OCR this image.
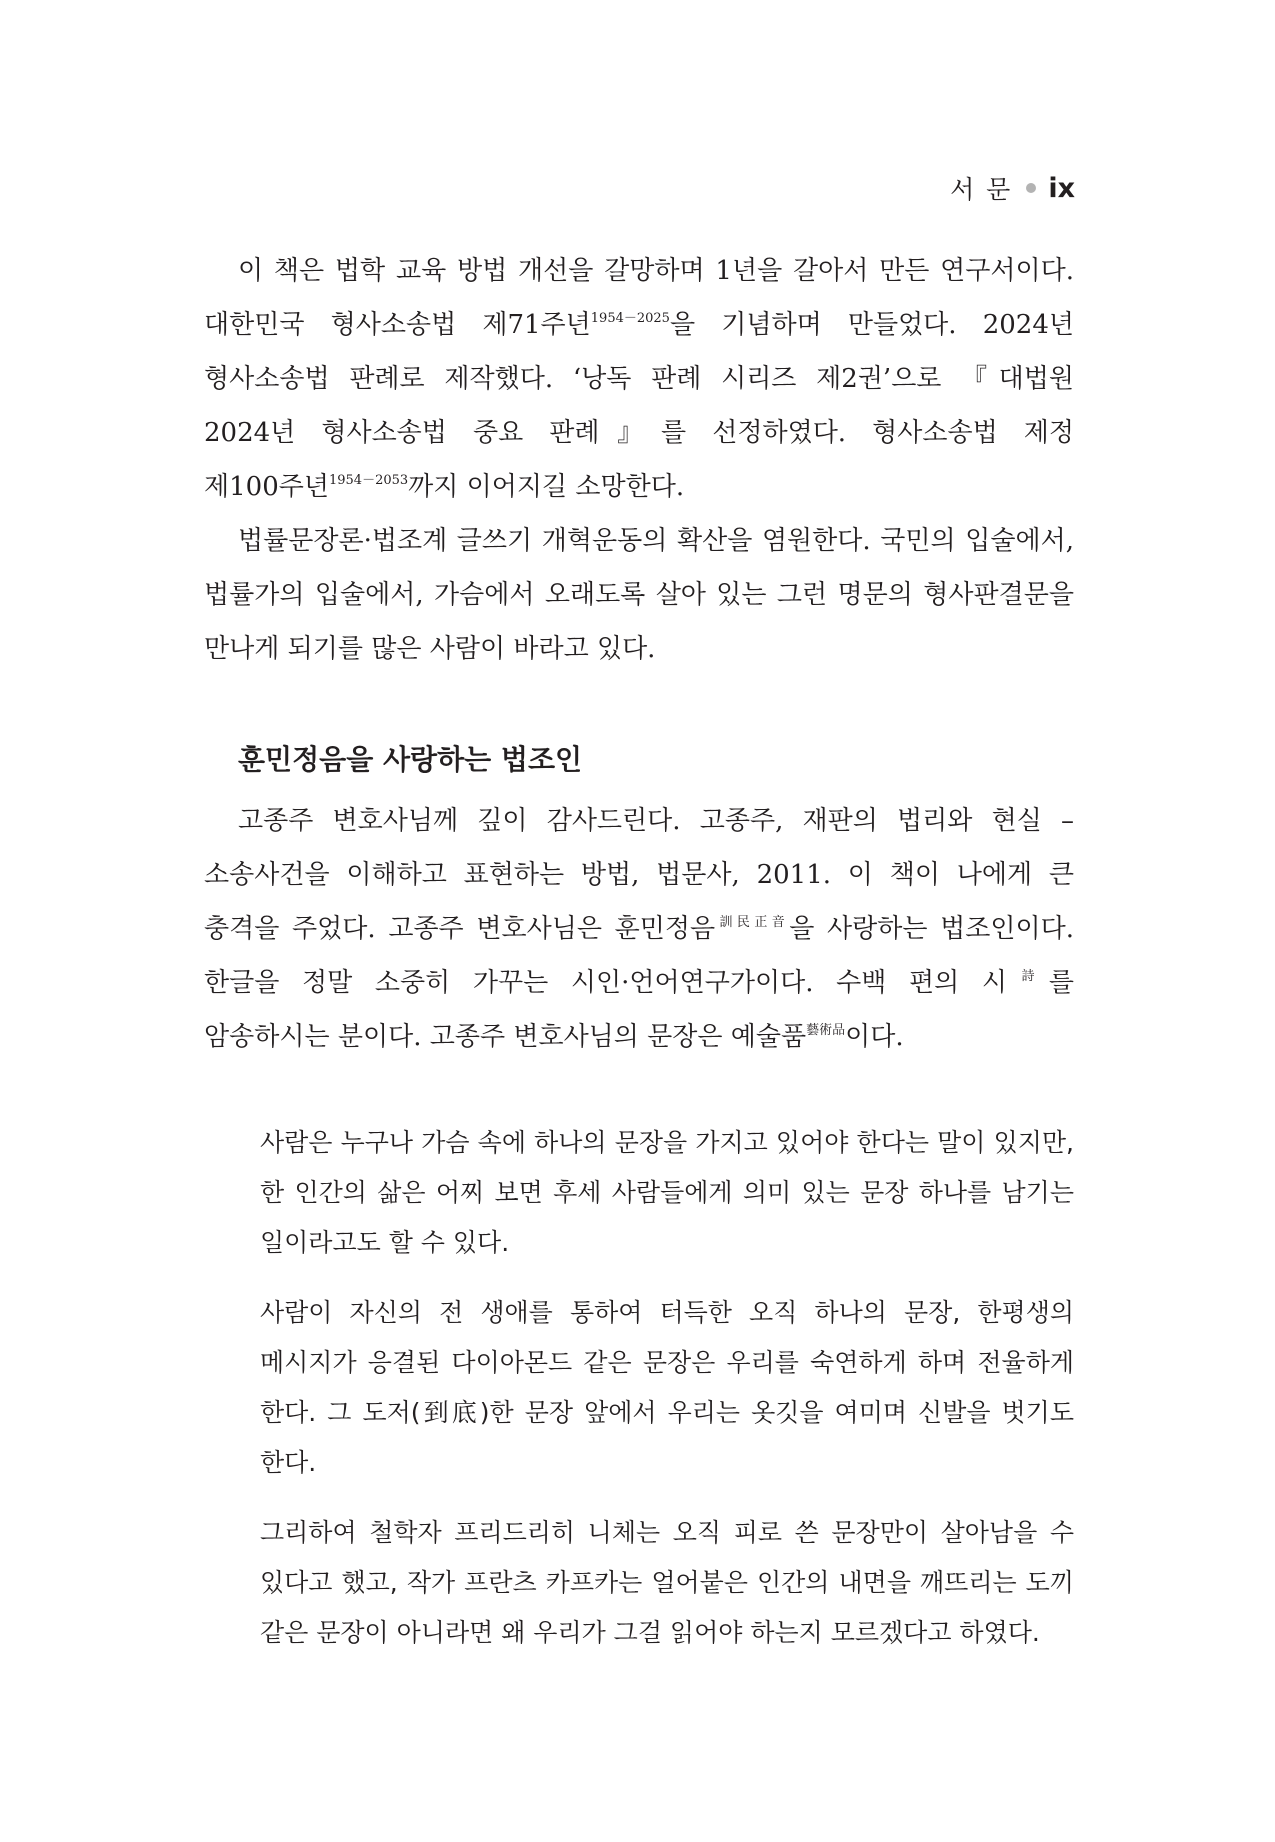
서 문 ix

이 책은 법학 교육 방법 개선을 갈망하며 1년을 갈아서 만든 연구서이다. 대한민국 형사소송법 제71주년$^{1954-2025}$을 기념하며 만들었다. 2024년 형사소송법 판례로 제작했다. ‘낭독 판례 시리즈 제2권’으로 『대법원 2024년 형사소송법 중요 판례』를 선정하였다. 형사소송법 제정 제100주년$^{1954-2053}$까지 이어지길 소망한다.

법률문장론·법조계 글쓰기 개혁운동의 확산을 염원한다. 국민의 입술에서, 법률가의 입술에서, 가슴에서 오래도록 살아 있는 그런 명문의 형사판결문을 만나게 되기를 많은 사람이 바라고 있다.

훈민정음을 사랑하는 법조인

고종주 변호사님께 깊이 감사드린다. 고종주, 재판의 법리와 현실 – 소송사건을 이해하고 표현하는 방법, 법문사, 2011. 이 책이 나에게 큰 충격을 주었다. 고종주 변호사님은 훈민정음$^{訓民正音}$을 사랑하는 법조인이다. 한글을 정말 소중히 가꾸는 시인·언어연구가이다. 수백 편의 시$^詩$를 암송하시는 분이다. 고종주 변호사님의 문장은 예술품$^{藝術品}$이다.

사람은 누구나 가슴 속에 하나의 문장을 가지고 있어야 한다는 말이 있지만, 한 인간의 삶은 어찌 보면 후세 사람들에게 의미 있는 문장 하나를 남기는 일이라고도 할 수 있다.

사람이 자신의 전 생애를 통하여 터득한 오직 하나의 문장, 한평생의 메시지가 응결된 다이아몬드 같은 문장은 우리를 숙연하게 하며 전율하게 한다. 그 도저(到底)한 문장 앞에서 우리는 옷깃을 여미며 신발을 벗기도 한다.

그리하여 철학자 프리드리히 니체는 오직 피로 쓴 문장만이 살아남을 수 있다고 했고, 작가 프란츠 카프카는 얼어붙은 인간의 내면을 깨뜨리는 도끼 같은 문장이 아니라면 왜 우리가 그걸 읽어야 하는지 모르겠다고 하였다.
